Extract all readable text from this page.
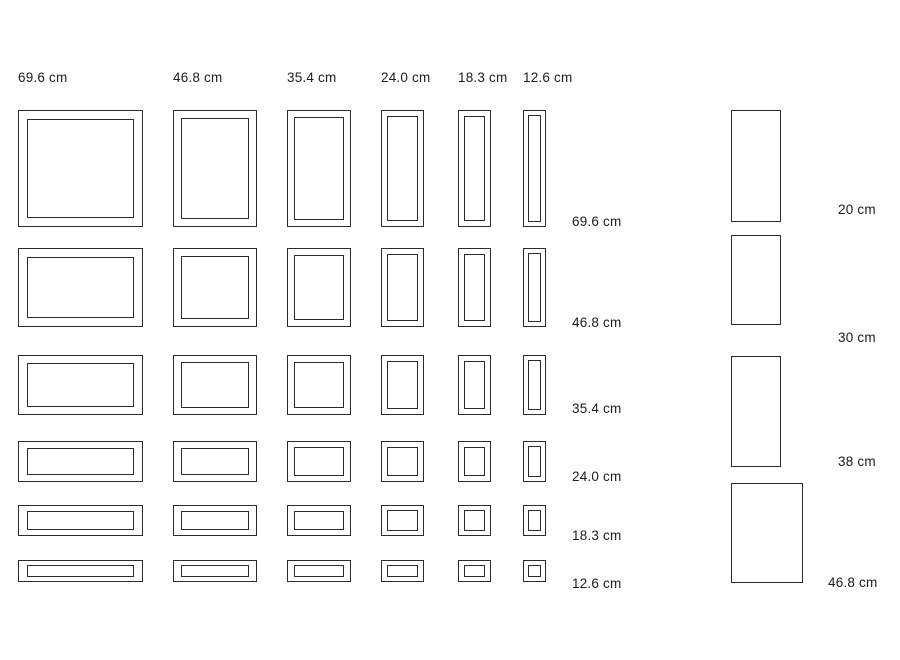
69.6 cm	46.8 cm	35.4 cm	24.0 cm 18.3 cm 12.6 cm
69.6 cm
46.8 cm
35.4 cm
24.0 cm
18.3 cm
12.6 cm
20 cm
30 cm
38 cm
46.8 cm
